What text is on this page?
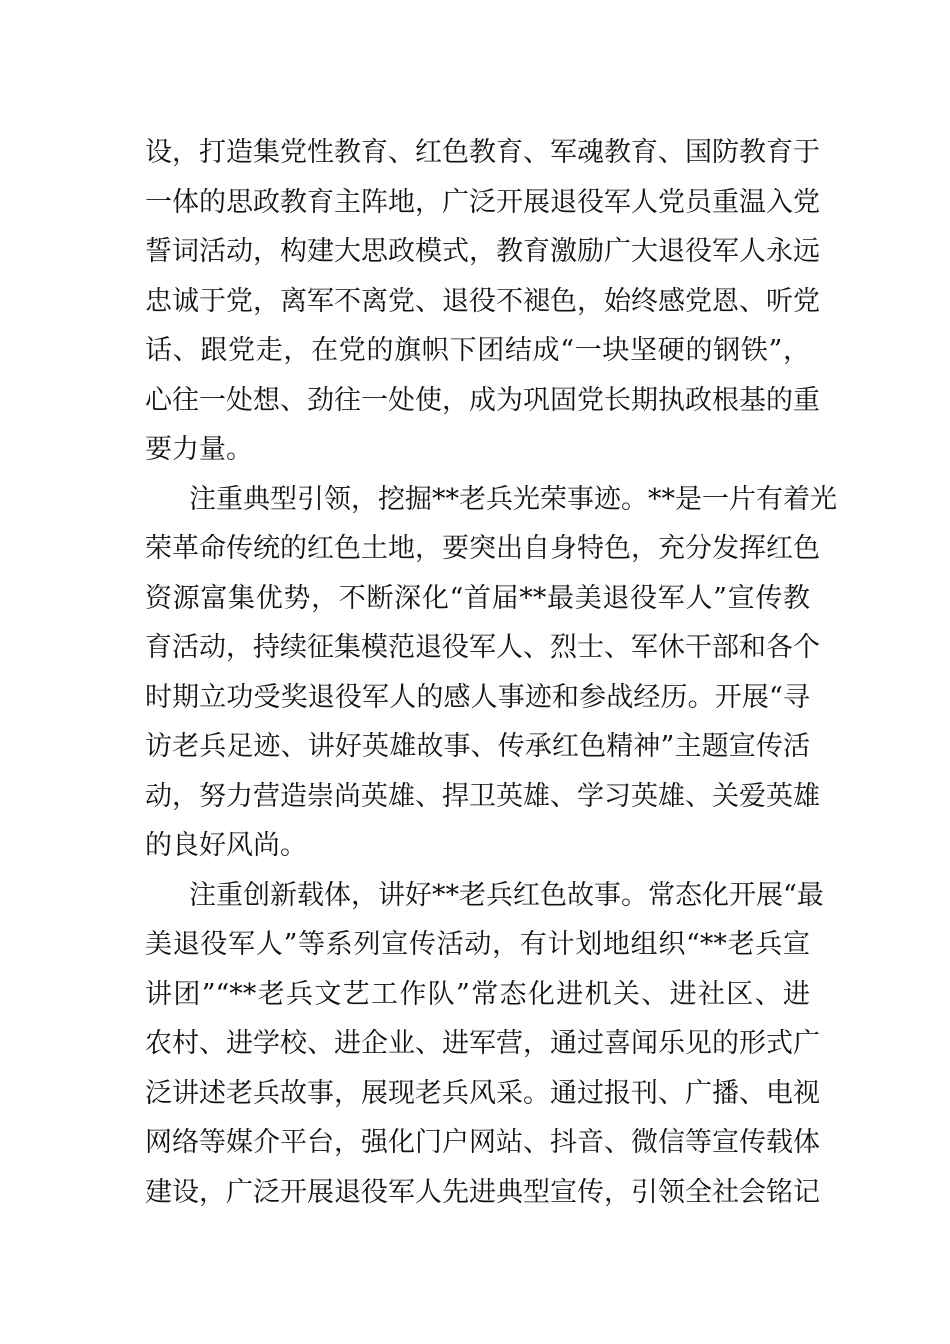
设，打造集党性教育、红色教育、军魂教育、国防教育于
一体的思政教育主阵地，广泛开展退役军人党员重温入党
誓词活动，构建大思政模式，教育激励广大退役军人永远
忠诚于党，离军不离党、退役不褪色，始终感党恩、听党
话、跟党走，在党的旗帜下团结成“一块坚硬的钢铁”，
心往一处想、劲往一处使，成为巩固党长期执政根基的重
要力量。
注重典型引领，挖掘**老兵光荣事迹。**是一片有着光
荣革命传统的红色土地，要突出自身特色，充分发挥红色
资源富集优势，不断深化“首届**最美退役军人”宣传教
育活动，持续征集模范退役军人、烈士、军休干部和各个
时期立功受奖退役军人的感人事迹和参战经历。开展“寻
访老兵足迹、讲好英雄故事、传承红色精神”主题宣传活
动，努力营造崇尚英雄、捍卫英雄、学习英雄、关爱英雄
的良好风尚。
注重创新载体，讲好**老兵红色故事。常态化开展“最
美退役军人”等系列宣传活动，有计划地组织“**老兵宣
讲团”“**老兵文艺工作队”常态化进机关、进社区、进
农村、进学校、进企业、进军营，通过喜闻乐见的形式广
泛讲述老兵故事，展现老兵风采。通过报刊、广播、电视
网络等媒介平台，强化门户网站、抖音、微信等宣传载体
建设，广泛开展退役军人先进典型宣传，引领全社会铭记
